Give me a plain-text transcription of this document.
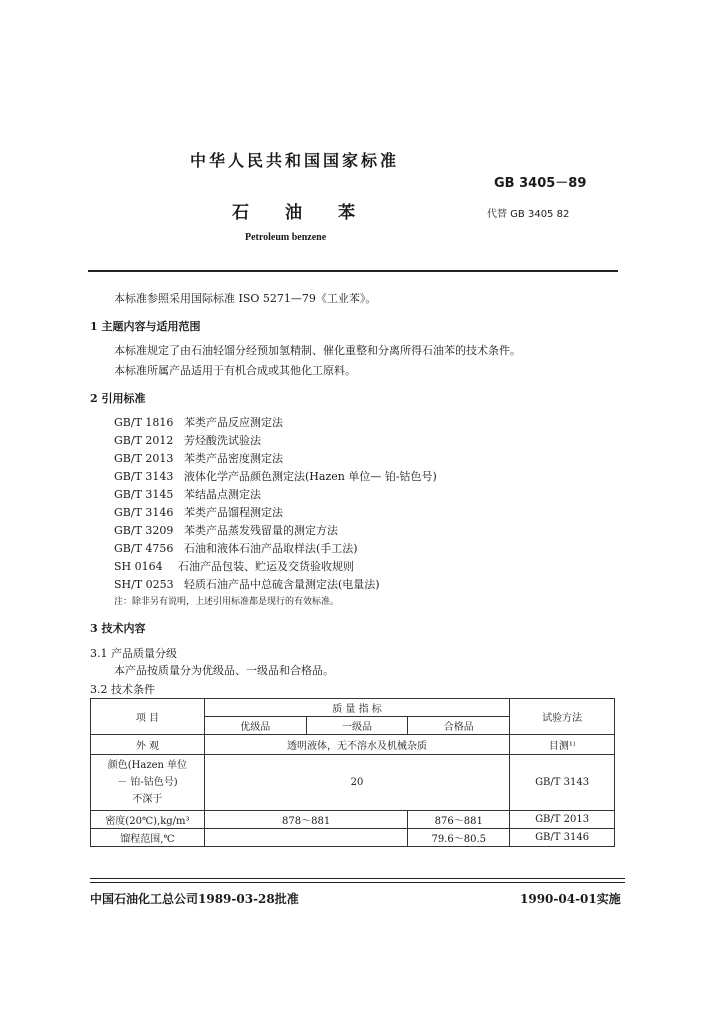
中华人民共和国国家标准
GB 3405－89
石 油 苯	代替 GB 3405 82
Petroleum benzene
本标准参照采用国际标准 ISO 5271—79《工业苯》。
1 主题内容与适用范围
本标准规定了由石油轻馏分经预加氢精制、催化重整和分离所得石油苯的技术条件。
本标准所属产品适用于有机合成或其他化工原料。
2 引用标准
GB/T 1816 苯类产品反应测定法
GB/T 2012 芳烃酸洗试验法
GB/T 2013 苯类产品密度测定法
GB/T 3143 液体化学产品颜色测定法(Hazen 单位— 铂-钴色号)
GB/T 3145 苯结晶点测定法
GB/T 3146 苯类产品馏程测定法
GB/T 3209 苯类产品蒸发残留量的测定方法
GB/T 4756 石油和液体石油产品取样法(手工法)
SH 0164 石油产品包装、贮运及交货验收规则
SH/T 0253 轻质石油产品中总硫含量测定法(电量法)
注：除非另有说明，上述引用标准都是现行的有效标准。
3 技术内容
3.1 产品质量分级
本产品按质量分为优级品、一级品和合格品。
3.2 技术条件
项 目	质 量 指 标			试验方法
	优级品	一级品	合格品	
外 观	透明液体，无不溶水及机械杂质			目测¹⁾

颜色(Hazen 单位
－ 铂-钴色号)
不深于	20			GB/T 3143
密度(20℃),kg/m³	878～881		876～881	GB/T 2013
馏程范围,℃			79.6～80.5	GB/T 3146
中国石油化工总公司1989-03-28批准	1990-04-01实施
